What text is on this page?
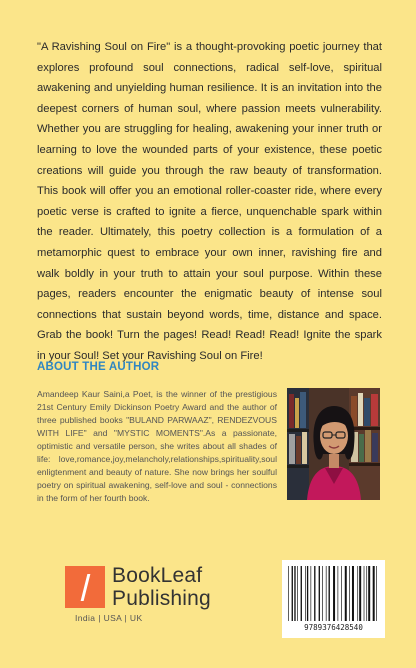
"A Ravishing Soul on Fire" is a thought-provoking poetic journey that explores profound soul connections, radical self-love, spiritual awakening and unyielding human resilience. It is an invitation into the deepest corners of human soul, where passion meets vulnerability. Whether you are struggling for healing, awakening your inner truth or learning to love the wounded parts of your existence, these poetic creations will guide you through the raw beauty of transformation. This book will offer you an emotional roller-coaster ride, where every poetic verse is crafted to ignite a fierce, unquenchable spark within the reader. Ultimately, this poetry collection is a formulation of a metamorphic quest to embrace your own inner, ravishing fire and walk boldly in your truth to attain your soul purpose. Within these pages, readers encounter the enigmatic beauty of intense soul connections that sustain beyond words, time, distance and space. Grab the book! Turn the pages! Read! Read! Read! Ignite the spark in your Soul! Set your Ravishing Soul on Fire!

ABOUT THE AUTHOR

Amandeep Kaur Saini,a Poet, is the winner of the prestigious 21st Century Emily Dickinson Poetry Award and the author of three published books "BULAND PARWAAZ", RENDEZVOUS WITH LIFE" and "MYSTIC MOMENTS".As a passionate, optimistic and versatile person, she writes about all shades of life: love,romance,joy,melancholy,relationships,spirituality,soul enligtenment and beauty of nature. She now brings her soulful poetry on spiritual awakening, self-love and soul - connections in the form of her fourth book.

BookLeaf
Publishing
India | USA | UK
9789376428540
